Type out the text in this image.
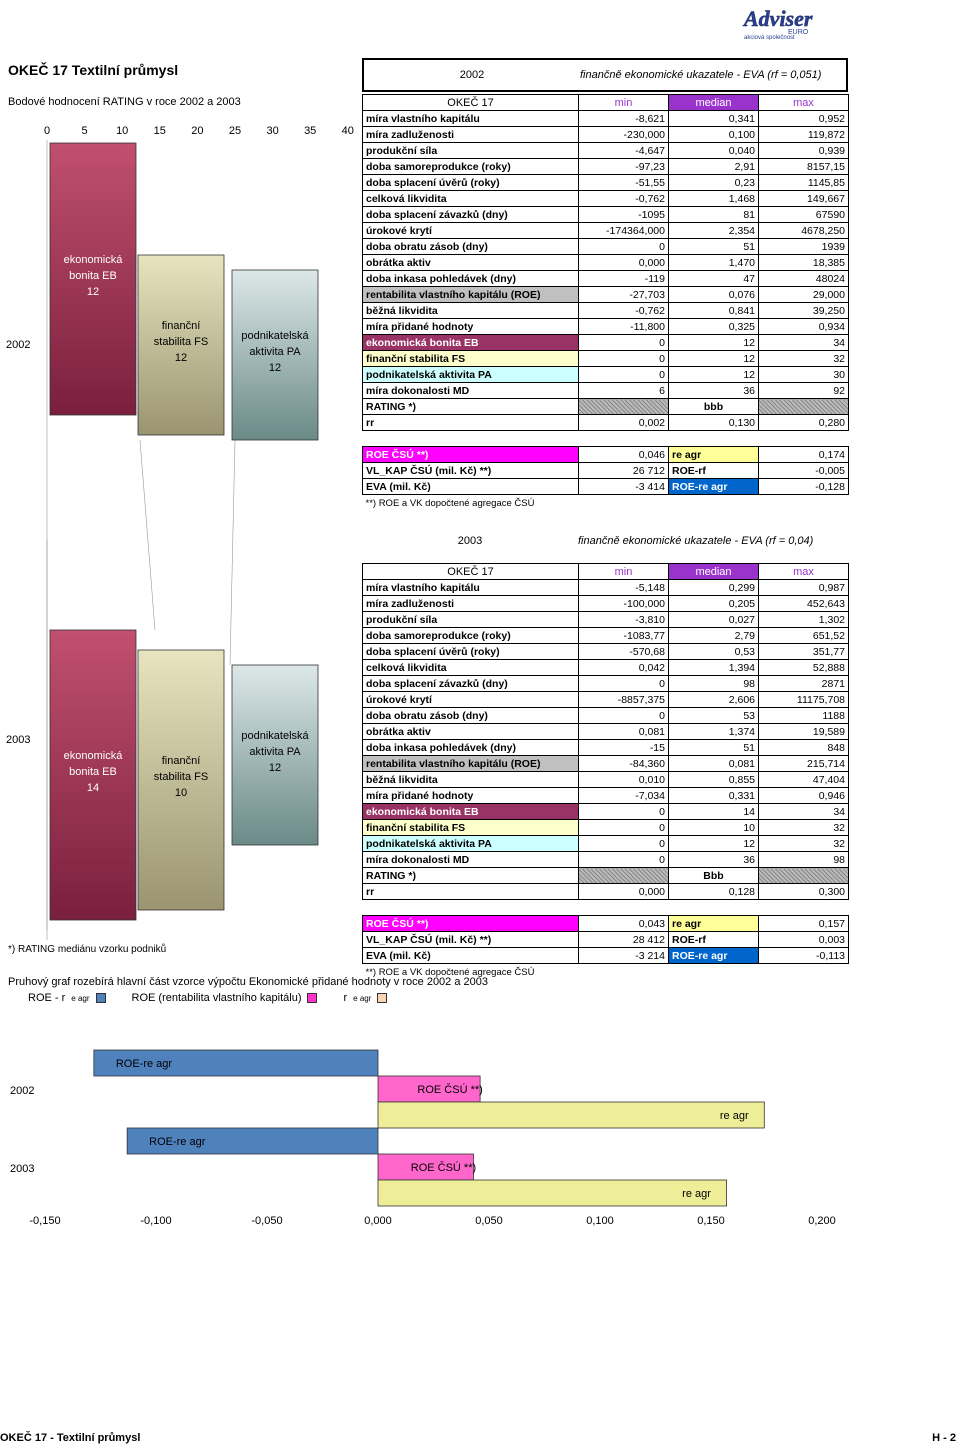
Adviser
EURO
akciová společnost
OKEČ 17 Textilní průmysl
Bodové hodnocení RATING v roce 2002 a 2003
0	5	10 15 20 25 30 35 40
2002
ekonomická
bonita EB
12
finanční
stabilita FS
12
podnikatelská
aktivita PA
12
2003
ekonomická
bonita EB
14
finanční
stabilita FS
10
podnikatelská
aktivita PA
12
2002	finančně ekonomické ukazatele - EVA (rf = 0,051)
OKEČ 17	min	median	max
míra vlastního kapitálu	-8,621	0,341	0,952
míra zadluženosti	-230,000	0,100	119,872
produkční síla	-4,647	0,040	0,939
doba samoreprodukce (roky)	-97,23	2,91	8157,15
doba splacení úvěrů (roky)	-51,55	0,23	1145,85
celková likvidita	-0,762	1,468	149,667
doba splacení závazků (dny)	-1095	81	67590
úrokové krytí	-174364,000	2,354	4678,250
doba obratu zásob (dny)	0	51	1939
obrátka aktiv	0,000	1,470	18,385
doba inkasa pohledávek (dny)	-119	47	48024
rentabilita vlastního kapitálu (ROE)	-27,703	0,076	29,000
běžná likvidita	-0,762	0,841	39,250
míra přidané hodnoty	-11,800	0,325	0,934
ekonomická bonita EB	0	12	34
finanční stabilita FS	0	12	32
podnikatelská aktivita PA	0	12	30
míra dokonalosti MD	6	36	92
RATING *)		bbb	
rr	0,002	0,130	0,280

ROE ČSÚ **)	0,046	re agr	0,174
VL_KAP ČSÚ (mil. Kč) **)	26 712	ROE-rf	-0,005
EVA (mil. Kč)	-3 414	ROE-re agr	-0,128
**) ROE a VK dopočtené agregace ČSÚ			
2003	finančně ekonomické ukazatele - EVA (rf = 0,04)
OKEČ 17	min	median	max
míra vlastního kapitálu	-5,148	0,299	0,987
míra zadluženosti	-100,000	0,205	452,643
produkční síla	-3,810	0,027	1,302
doba samoreprodukce (roky)	-1083,77	2,79	651,52
doba splacení úvěrů (roky)	-570,68	0,53	351,77
celková likvidita	0,042	1,394	52,888
doba splacení závazků (dny)	0	98	2871
úrokové krytí	-8857,375	2,606	11175,708
doba obratu zásob (dny)	0	53	1188
obrátka aktiv	0,081	1,374	19,589
doba inkasa pohledávek (dny)	-15	51	848
rentabilita vlastního kapitálu (ROE)	-84,360	0,081	215,714
běžná likvidita	0,010	0,855	47,404
míra přidané hodnoty	-7,034	0,331	0,946
ekonomická bonita EB	0	14	34
finanční stabilita FS	0	10	32
podnikatelská aktivita PA	0	12	32
míra dokonalosti MD	0	36	98
RATING *)		Bbb	
rr	0,000	0,128	0,300

ROE ČSÚ **)	0,043	re agr	0,157
VL_KAP ČSÚ (mil. Kč) **)	28 412	ROE-rf	0,003
EVA (mil. Kč)	-3 214	ROE-re agr	-0,113
**) ROE a VK dopočtené agregace ČSÚ			
*) RATING mediánu vzorku podniků
Pruhový graf rozebírá hlavní část vzorce výpočtu Ekonomické přidané hodnoty v roce 2002 a 2003
ROE - r e agr	ROE (rentabilita vlastního kapitálu)	r e agr
-0,150	-0,100	-0,050	0,000	0,050	0,100	0,150	0,200
2002
ROE-re agr
ROE ČSÚ **)
re agr
2003
ROE-re agr
ROE ČSÚ **)
re agr
OKEČ 17 - Textilní průmysl	H - 2
